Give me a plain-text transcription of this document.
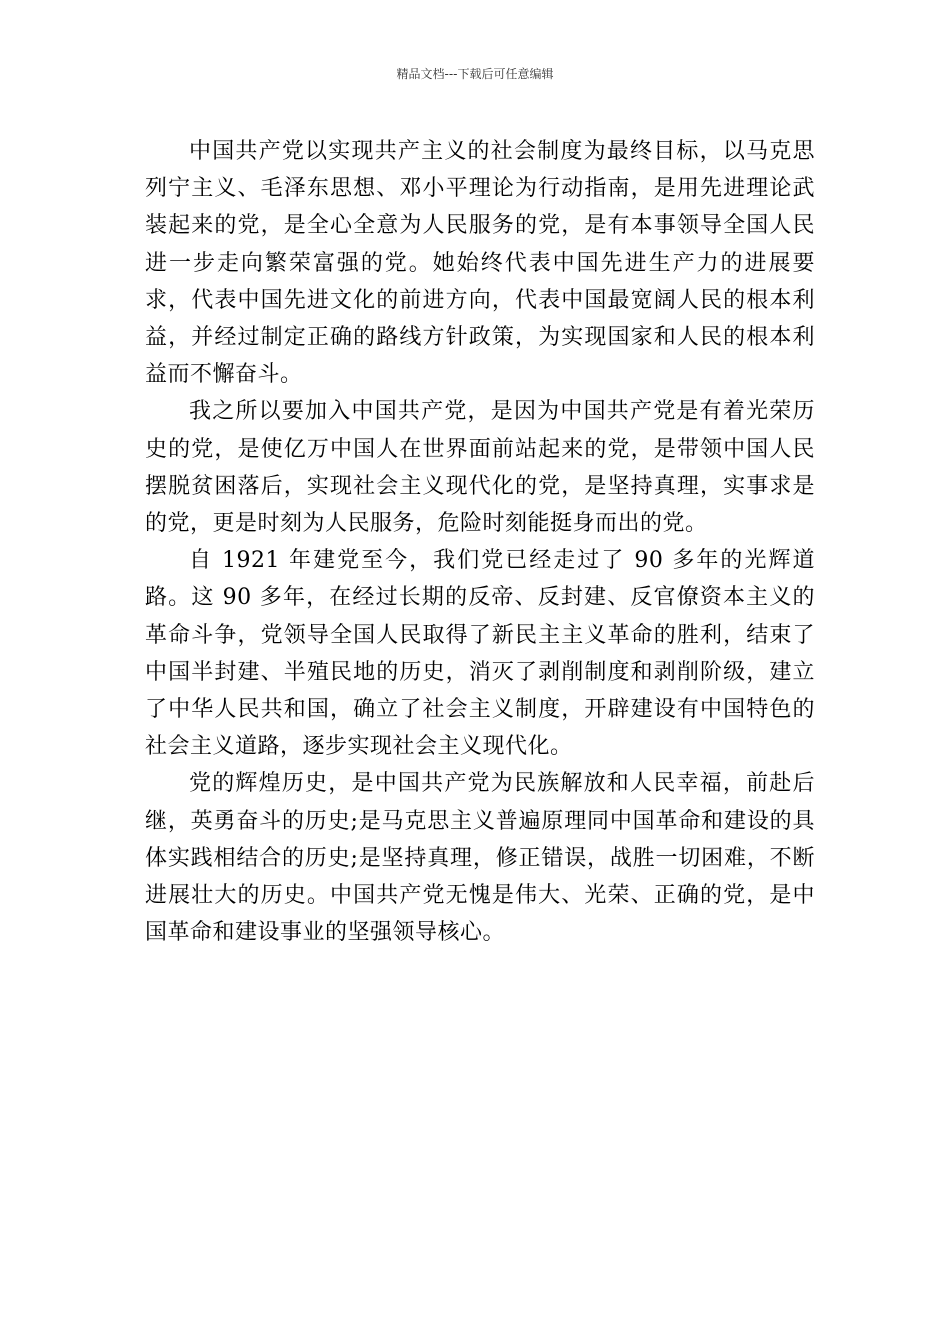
精品文档---下载后可任意编辑

中国共产党以实现共产主义的社会制度为最终目标，以马克思列宁主义、毛泽东思想、邓小平理论为行动指南，是用先进理论武装起来的党，是全心全意为人民服务的党，是有本事领导全国人民进一步走向繁荣富强的党。她始终代表中国先进生产力的进展要求，代表中国先进文化的前进方向，代表中国最宽阔人民的根本利益，并经过制定正确的路线方针政策，为实现国家和人民的根本利益而不懈奋斗。

我之所以要加入中国共产党，是因为中国共产党是有着光荣历史的党，是使亿万中国人在世界面前站起来的党，是带领中国人民摆脱贫困落后，实现社会主义现代化的党，是坚持真理，实事求是的党，更是时刻为人民服务，危险时刻能挺身而出的党。

自 1921 年建党至今，我们党已经走过了 90 多年的光辉道路。这 90 多年，在经过长期的反帝、反封建、反官僚资本主义的革命斗争，党领导全国人民取得了新民主主义革命的胜利，结束了中国半封建、半殖民地的历史，消灭了剥削制度和剥削阶级，建立了中华人民共和国，确立了社会主义制度，开辟建设有中国特色的社会主义道路，逐步实现社会主义现代化。

党的辉煌历史，是中国共产党为民族解放和人民幸福，前赴后继，英勇奋斗的历史;是马克思主义普遍原理同中国革命和建设的具体实践相结合的历史;是坚持真理，修正错误，战胜一切困难，不断进展壮大的历史。中国共产党无愧是伟大、光荣、正确的党，是中国革命和建设事业的坚强领导核心。
